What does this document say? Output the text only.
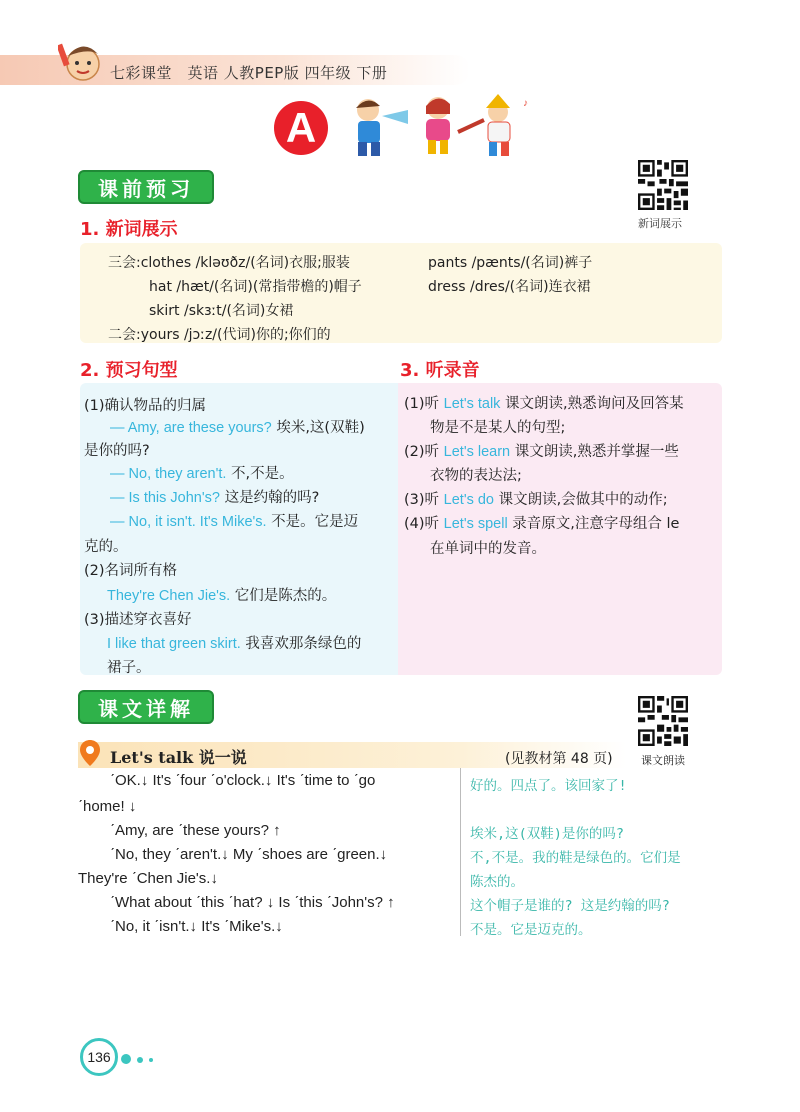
七彩课堂　英语 人教PEP版 四年级 下册
A
♪
课前预习
新词展示
1. 新词展示
三会:clothes /kləʊðz/(名词)衣服;服装
hat /hæt/(名词)(常指带檐的)帽子
skirt /skɜːt/(名词)女裙
二会:yours /jɔːz/(代词)你的;你们的
pants /pænts/(名词)裤子
dress /dres/(名词)连衣裙
2. 预习句型	3. 听录音
(1)确认物品的归属
— Amy, are these yours? 埃米,这(双鞋)
是你的吗?
— No, they aren't. 不,不是。
— Is this John's? 这是约翰的吗?
— No, it isn't. It's Mike's. 不是。它是迈
克的。
(2)名词所有格
They're Chen Jie's. 它们是陈杰的。
(3)描述穿衣喜好
I like that green skirt. 我喜欢那条绿色的
裙子。
(1)听 Let's talk 课文朗读,熟悉询问及回答某
物是不是某人的句型;
(2)听 Let's learn 课文朗读,熟悉并掌握一些
衣物的表达法;
(3)听 Let's do 课文朗读,会做其中的动作;
(4)听 Let's spell 录音原文,注意字母组合 le
在单词中的发音。
课文详解
课文朗读
Let's talk 说一说	(见教材第 48 页)
ˊOK.↓ It's ˊfour ˊo'clock.↓ It's ˊtime to ˊgo
ˊhome! ↓
ˊAmy, are ˊthese yours? ↑
ˊNo, they ˊaren't.↓ My ˊshoes are ˊgreen.↓
They're ˊChen Jie's.↓
ˊWhat about ˊthis ˊhat? ↓ Is ˊthis ˊJohn's? ↑
ˊNo, it ˊisn't.↓ It's ˊMike's.↓
好的。四点了。该回家了!
埃米,这(双鞋)是你的吗?
不,不是。我的鞋是绿色的。它们是
陈杰的。
这个帽子是谁的? 这是约翰的吗?
不是。它是迈克的。
136
